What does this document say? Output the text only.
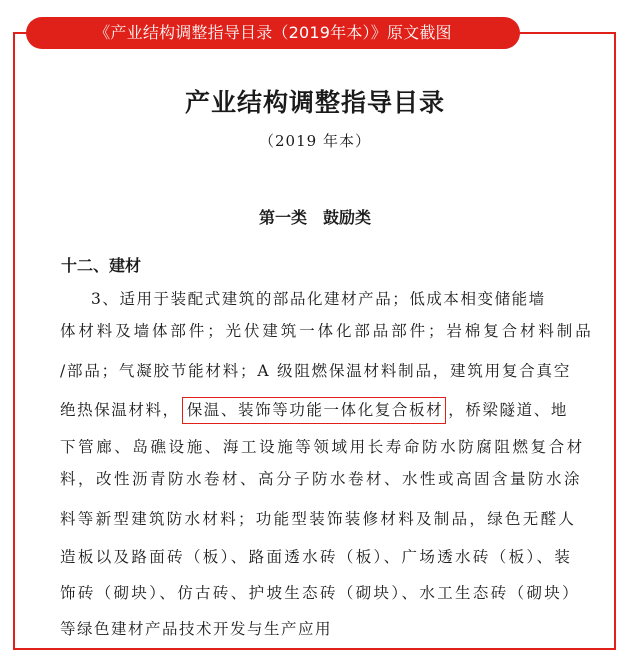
《产业结构调整指导目录（2019年本）》原文截图
产业结构调整指导目录
（2019 年本）
第一类　鼓励类
十二、建材
3、适用于装配式建筑的部品化建材产品；低成本相变储能墙
体材料及墙体部件；光伏建筑一体化部品部件；岩棉复合材料制品
/部品；气凝胶节能材料；A 级阻燃保温材料制品，建筑用复合真空
绝热保温材料， 保温、装饰等功能一体化复合板材 ，桥梁隧道、地
下管廊、岛礁设施、海工设施等领域用长寿命防水防腐阻燃复合材
料，改性沥青防水卷材、高分子防水卷材、水性或高固含量防水涂
料等新型建筑防水材料；功能型装饰装修材料及制品，绿色无醛人
造板以及路面砖（板）、路面透水砖（板）、广场透水砖（板）、装
饰砖（砌块）、仿古砖、护坡生态砖（砌块）、水工生态砖（砌块）
等绿色建材产品技术开发与生产应用
